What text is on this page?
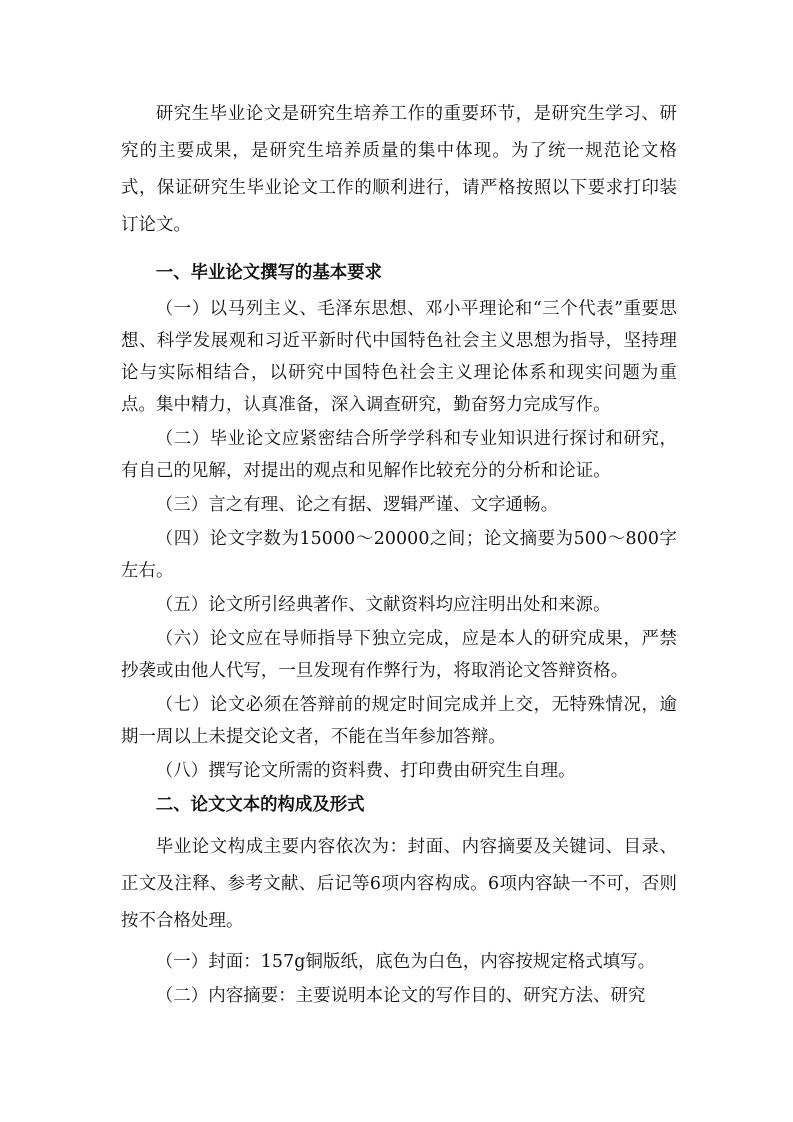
研究生毕业论文是研究生培养工作的重要环节，是研究生学习、研究的主要成果，是研究生培养质量的集中体现。为了统一规范论文格式，保证研究生毕业论文工作的顺利进行，请严格按照以下要求打印装订论文。

一、毕业论文撰写的基本要求

（一）以马列主义、毛泽东思想、邓小平理论和“三个代表”重要思想、科学发展观和习近平新时代中国特色社会主义思想为指导，坚持理论与实际相结合，以研究中国特色社会主义理论体系和现实问题为重点。集中精力，认真准备，深入调查研究，勤奋努力完成写作。

（二）毕业论文应紧密结合所学学科和专业知识进行探讨和研究，有自己的见解，对提出的观点和见解作比较充分的分析和论证。

（三）言之有理、论之有据、逻辑严谨、文字通畅。

（四）论文字数为15000～20000之间；论文摘要为500～800字左右。

（五）论文所引经典著作、文献资料均应注明出处和来源。

（六）论文应在导师指导下独立完成，应是本人的研究成果，严禁抄袭或由他人代写，一旦发现有作弊行为，将取消论文答辩资格。

（七）论文必须在答辩前的规定时间完成并上交，无特殊情况，逾期一周以上未提交论文者，不能在当年参加答辩。

（八）撰写论文所需的资料费、打印费由研究生自理。

二、论文文本的构成及形式

毕业论文构成主要内容依次为：封面、内容摘要及关键词、目录、正文及注释、参考文献、后记等6项内容构成。6项内容缺一不可，否则按不合格处理。

（一）封面：157g铜版纸，底色为白色，内容按规定格式填写。

（二）内容摘要：主要说明本论文的写作目的、研究方法、研究
